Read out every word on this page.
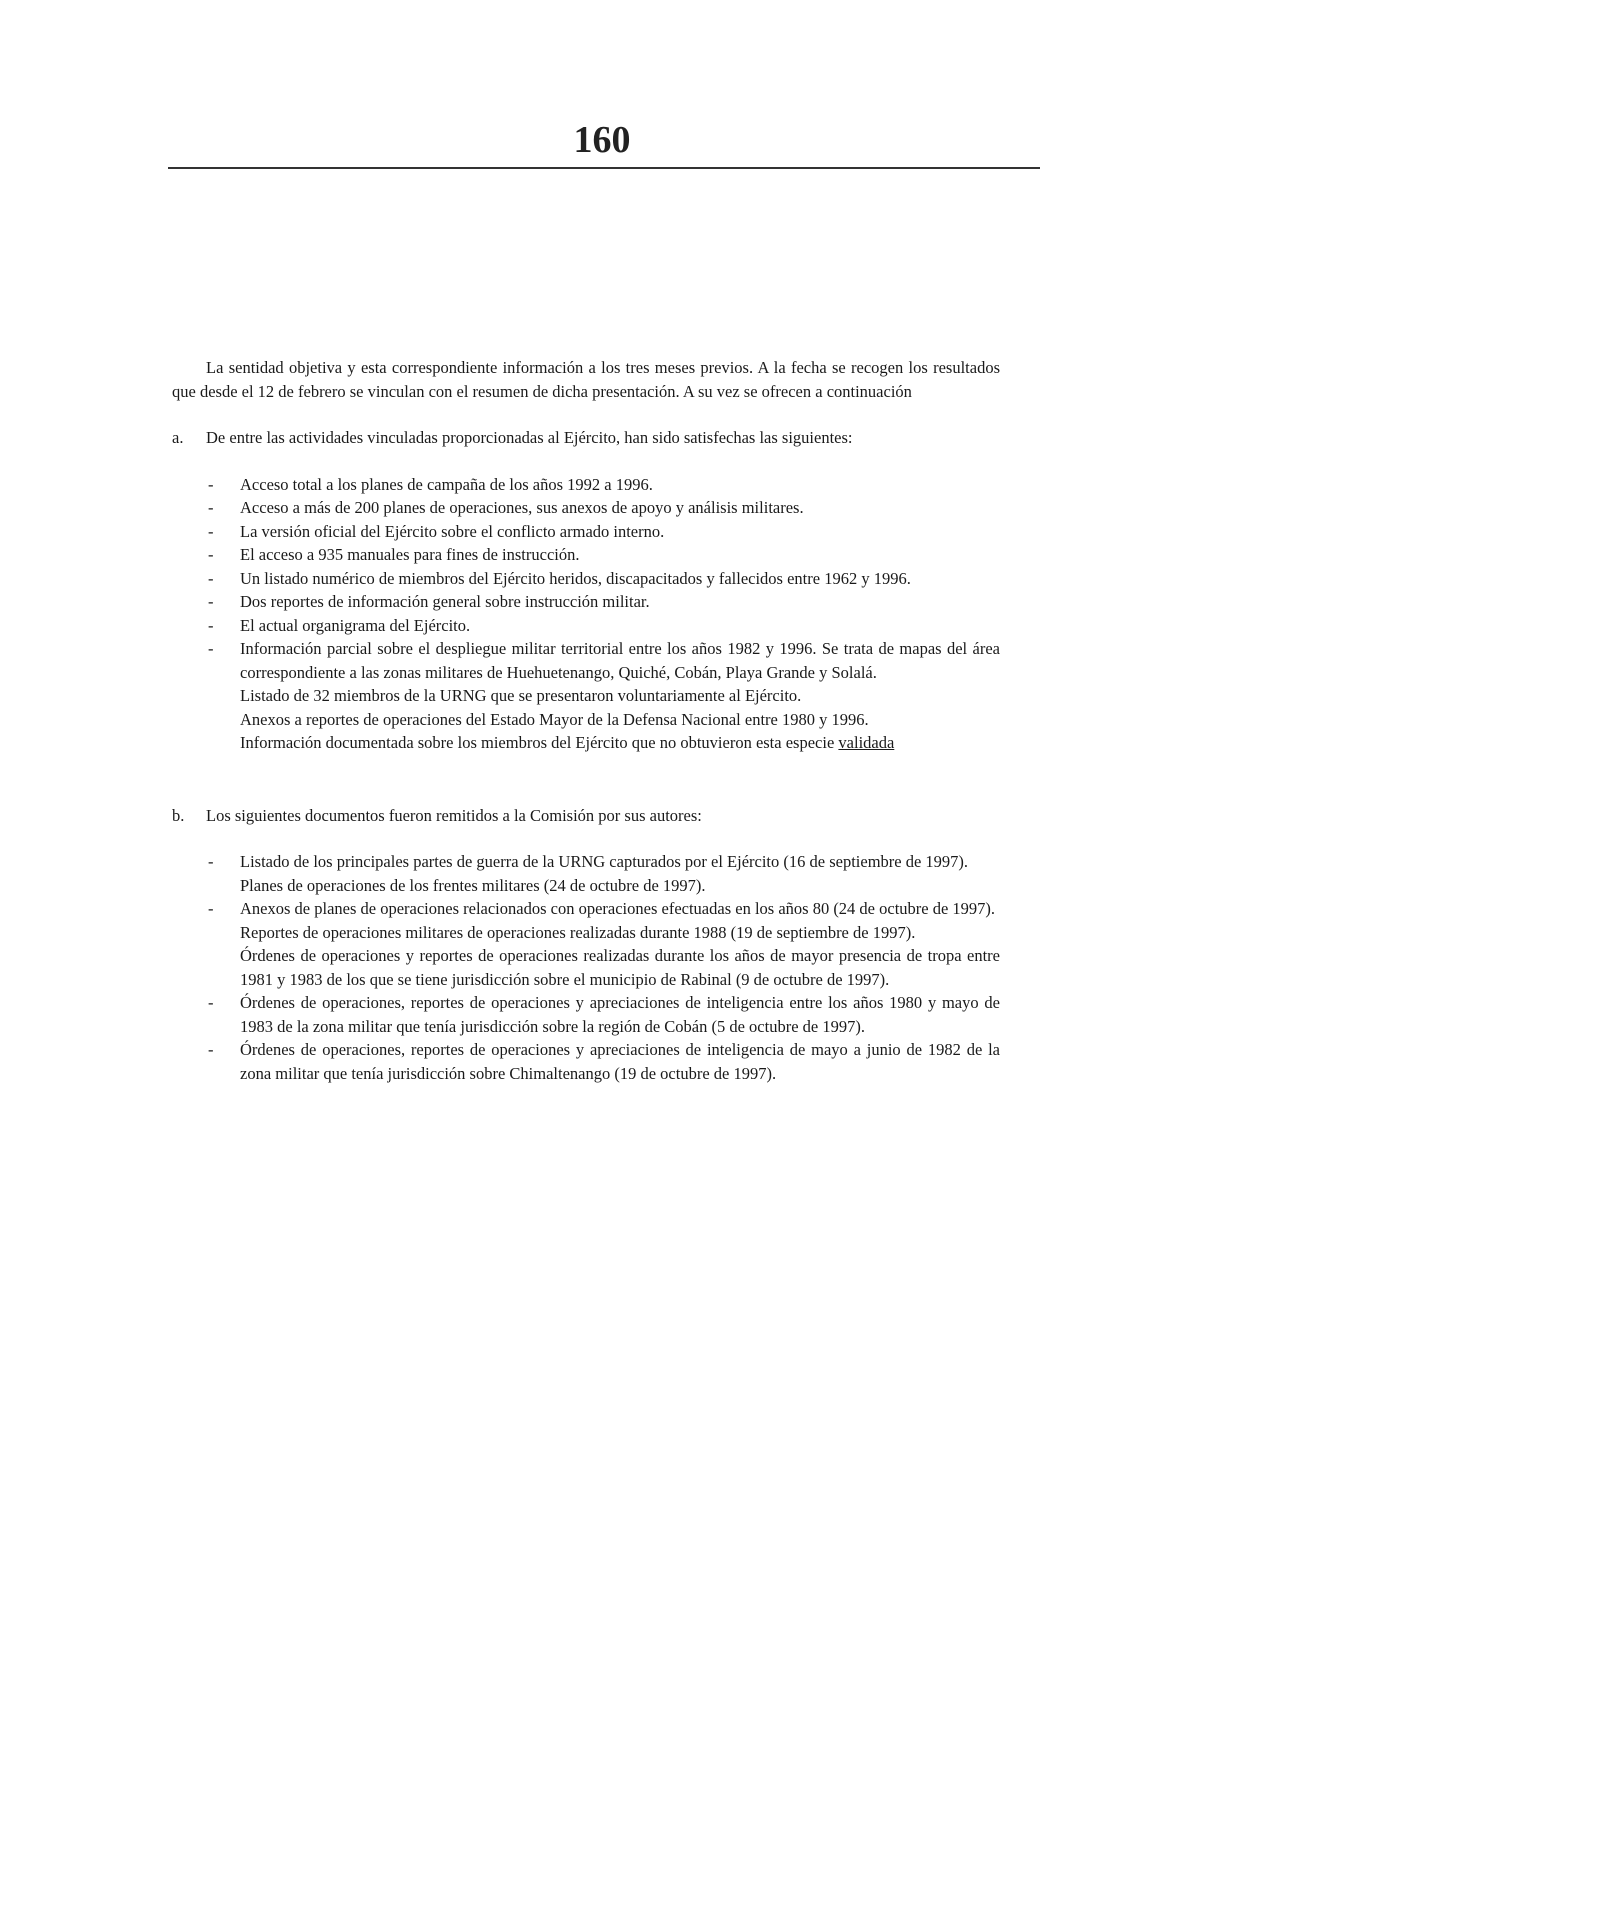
160

La sentidad objetiva y esta correspondiente información a los tres meses previos. A la fecha se recogen los resultados que desde el 12 de febrero se vinculan con el resumen de dicha presentación. A su vez se ofrecen a continuación

a. De entre las actividades vinculadas proporcionadas al Ejército, han sido satisfechas las siguientes:
- Acceso total a los planes de campaña de los años 1992 a 1996.
- Acceso a más de 200 planes de operaciones, sus anexos de apoyo y análisis militares.
- La versión oficial del Ejército sobre el conflicto armado interno.
- El acceso a 935 manuales para fines de instrucción.
- Un listado numérico de miembros del Ejército heridos, discapacitados y fallecidos entre 1962 y 1996.
- Dos reportes de información general sobre instrucción militar.
- El actual organigrama del Ejército.
- Información parcial sobre el despliegue militar territorial entre los años 1982 y 1996. Se trata de mapas del área correspondiente a las zonas militares de Huehuetenango, Quiché, Cobán, Playa Grande y Solalá.
Listado de 32 miembros de la URNG que se presentaron voluntariamente al Ejército.
Anexos a reportes de operaciones del Estado Mayor de la Defensa Nacional entre 1980 y 1996.
Información documentada sobre los miembros del Ejército que no obtuvieron esta especie validada
b. Los siguientes documentos fueron remitidos a la Comisión por sus autores:
- Listado de los principales partes de guerra de la URNG capturados por el Ejército (16 de septiembre de 1997).
Planes de operaciones de los frentes militares (24 de octubre de 1997).
- Anexos de planes de operaciones relacionados con operaciones efectuadas en los años 80 (24 de octubre de 1997).
Reportes de operaciones militares de operaciones realizadas durante 1988 (19 de septiembre de 1997).
Órdenes de operaciones y reportes de operaciones realizadas durante los años de mayor presencia de tropa entre 1981 y 1983 de los que se tiene jurisdicción sobre el municipio de Rabinal (9 de octubre de 1997).
- Órdenes de operaciones, reportes de operaciones y apreciaciones de inteligencia entre los años 1980 y mayo de 1983 de la zona militar que tenía jurisdicción sobre la región de Cobán (5 de octubre de 1997).
- Órdenes de operaciones, reportes de operaciones y apreciaciones de inteligencia de mayo a junio de 1982 de la zona militar que tenía jurisdicción sobre Chimaltenango (19 de octubre de 1997).
